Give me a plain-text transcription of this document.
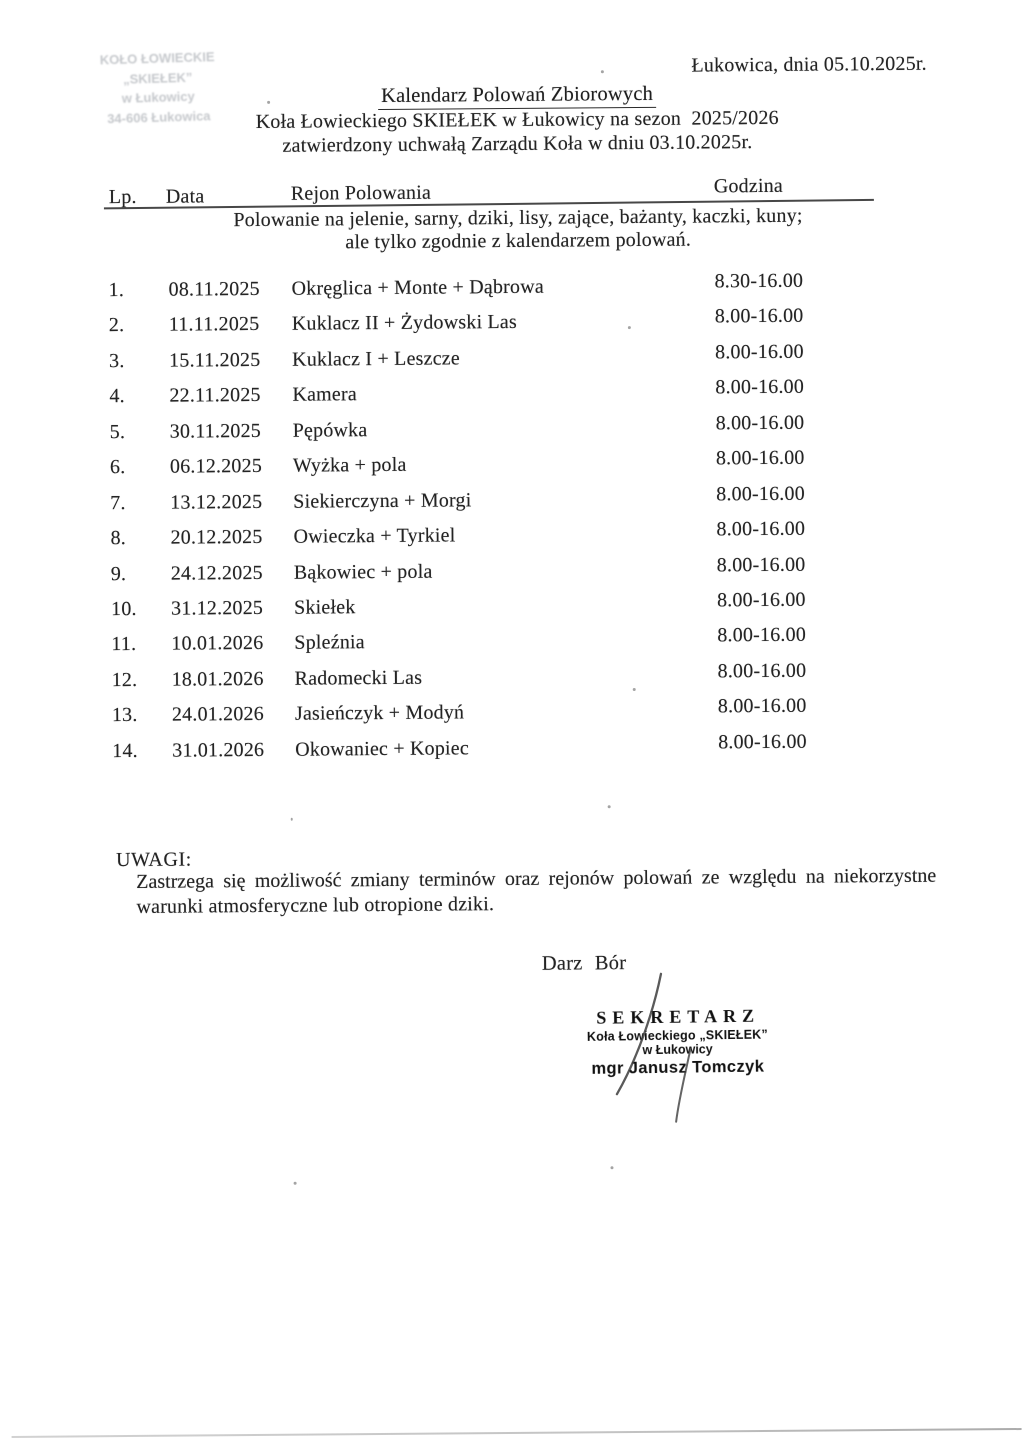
KOŁO ŁOWIECKIE
„SKIEŁEK”
w Łukowicy
34-606 Łukowica
Łukowica, dnia 05.10.2025r.
Kalendarz Polowań Zbiorowych
Koła Łowieckiego SKIEŁEK w Łukowicy na sezon  2025/2026
zatwierdzony uchwałą Zarządu Koła w dniu 03.10.2025r.
Lp. Data	Rejon Polowania	Godzina
Polowanie na jelenie, sarny, dziki, lisy, zające, bażanty, kaczki, kuny;
ale tylko zgodnie z kalendarzem polowań.
1. 08.11.2025 Okręglica + Monte + Dąbrowa	8.30-16.00
2. 11.11.2025 Kuklacz II + Żydowski Las	8.00-16.00
3. 15.11.2025 Kuklacz I + Leszcze	8.00-16.00
4. 22.11.2025 Kamera	8.00-16.00
5. 30.11.2025 Pępówka	8.00-16.00
6. 06.12.2025 Wyżka + pola	8.00-16.00
7. 13.12.2025 Siekierczyna + Morgi	8.00-16.00
8. 20.12.2025 Owieczka + Tyrkiel	8.00-16.00
9. 24.12.2025 Bąkowiec + pola	8.00-16.00
10. 31.12.2025 Skiełek	8.00-16.00
11. 10.01.2026 Spleźnia	8.00-16.00
12. 18.01.2026 Radomecki Las	8.00-16.00
13. 24.01.2026 Jasieńczyk + Modyń	8.00-16.00
14. 31.01.2026 Okowaniec + Kopiec	8.00-16.00
UWAGI:
Zastrzega się możliwość zmiany terminów oraz rejonów polowań ze względu na niekorzystne
warunki atmosferyczne lub otropione dziki.
Darz Bór
SEKRETARZ
Koła Łowieckiego „SKIEŁEK”
w Łukowicy
mgr Janusz Tomczyk
